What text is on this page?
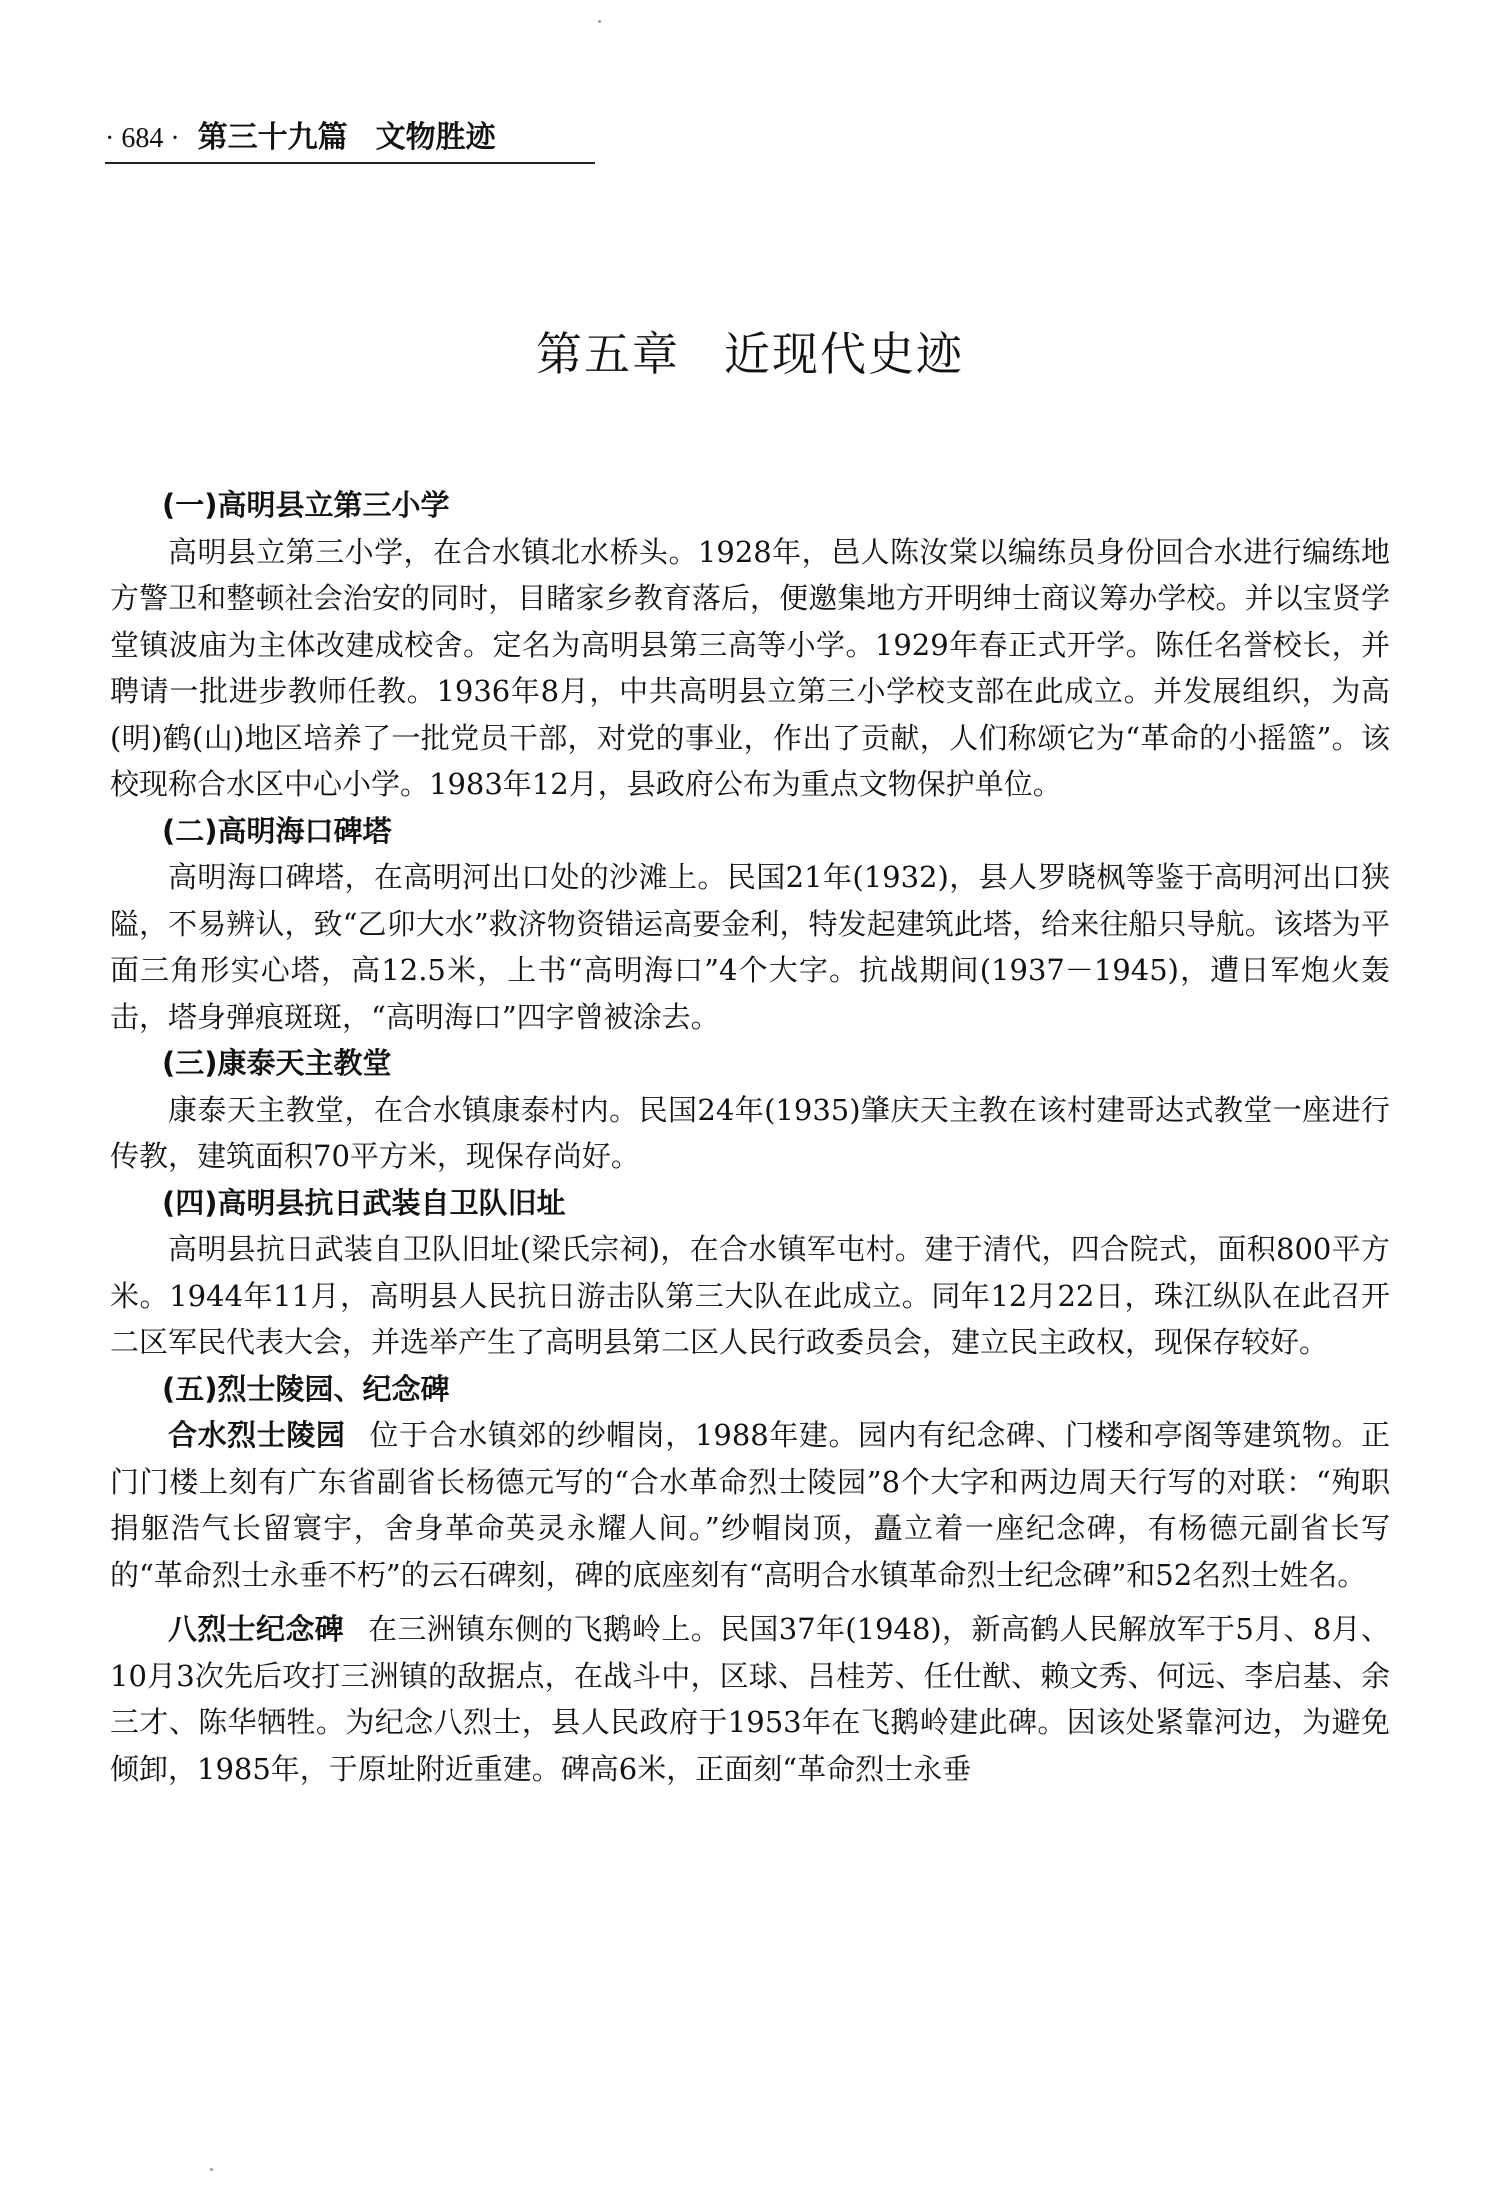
· 684 · 第三十九篇 文物胜迹
第五章 近现代史迹

(一)高明县立第三小学

高明县立第三小学，在合水镇北水桥头。1928年，邑人陈汝棠以编练员身份回合水进行编练地方警卫和整顿社会治安的同时，目睹家乡教育落后，便邀集地方开明绅士商议筹办学校。并以宝贤学堂镇波庙为主体改建成校舍。定名为高明县第三高等小学。1929年春正式开学。陈任名誉校长，并聘请一批进步教师任教。1936年8月，中共高明县立第三小学校支部在此成立。并发展组织，为高(明)鹤(山)地区培养了一批党员干部，对党的事业，作出了贡献，人们称颂它为“革命的小摇篮”。该校现称合水区中心小学。1983年12月，县政府公布为重点文物保护单位。

(二)高明海口碑塔

高明海口碑塔，在高明河出口处的沙滩上。民国21年(1932)，县人罗晓枫等鉴于高明河出口狭隘，不易辨认，致“乙卯大水”救济物资错运高要金利，特发起建筑此塔，给来往船只导航。该塔为平面三角形实心塔，高12.5米，上书“高明海口”4个大字。抗战期间(1937－1945)，遭日军炮火轰击，塔身弹痕斑斑，“高明海口”四字曾被涂去。

(三)康泰天主教堂

康泰天主教堂，在合水镇康泰村内。民国24年(1935)肇庆天主教在该村建哥达式教堂一座进行传教，建筑面积70平方米，现保存尚好。

(四)高明县抗日武装自卫队旧址

高明县抗日武装自卫队旧址(梁氏宗祠)，在合水镇军屯村。建于清代，四合院式，面积800平方米。1944年11月，高明县人民抗日游击队第三大队在此成立。同年12月22日，珠江纵队在此召开二区军民代表大会，并选举产生了高明县第二区人民行政委员会，建立民主政权，现保存较好。

(五)烈士陵园、纪念碑

合水烈士陵园 位于合水镇郊的纱帽岗，1988年建。园内有纪念碑、门楼和亭阁等建筑物。正门门楼上刻有广东省副省长杨德元写的“合水革命烈士陵园”8个大字和两边周天行写的对联：“殉职捐躯浩气长留寰宇，舍身革命英灵永耀人间。”纱帽岗顶，矗立着一座纪念碑，有杨德元副省长写的“革命烈士永垂不朽”的云石碑刻，碑的底座刻有“高明合水镇革命烈士纪念碑”和52名烈士姓名。

八烈士纪念碑 在三洲镇东侧的飞鹅岭上。民国37年(1948)，新高鹤人民解放军于5月、8月、10月3次先后攻打三洲镇的敌据点，在战斗中，区球、吕桂芳、任仕猷、赖文秀、何远、李启基、余三才、陈华牺牲。为纪念八烈士，县人民政府于1953年在飞鹅岭建此碑。因该处紧靠河边，为避免倾卸，1985年，于原址附近重建。碑高6米，正面刻“革命烈士永垂
